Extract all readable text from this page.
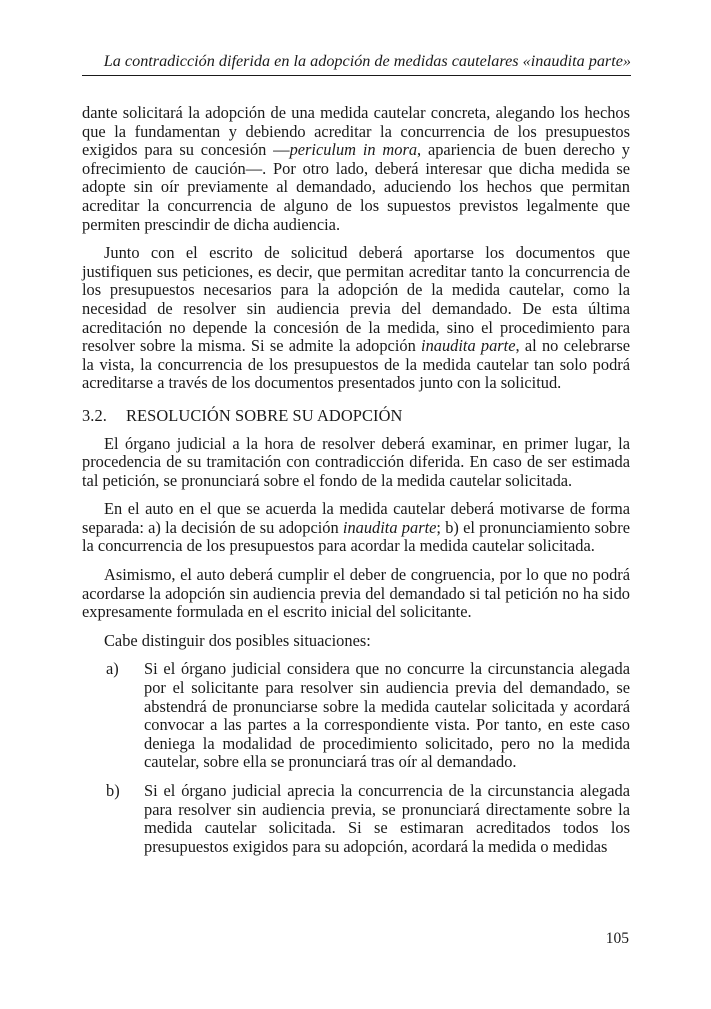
La contradicción diferida en la adopción de medidas cautelares «inaudita parte»

dante solicitará la adopción de una medida cautelar concreta, alegando los hechos que la fundamentan y debiendo acreditar la concurrencia de los presupuestos exigidos para su concesión —periculum in mora, apariencia de buen derecho y ofrecimiento de caución—. Por otro lado, deberá interesar que dicha medida se adopte sin oír previamente al demandado, aduciendo los hechos que permitan acreditar la concurrencia de alguno de los supuestos previstos legalmente que permiten prescindir de dicha audiencia.

Junto con el escrito de solicitud deberá aportarse los documentos que justifiquen sus peticiones, es decir, que permitan acreditar tanto la concurrencia de los presupuestos necesarios para la adopción de la medida cautelar, como la necesidad de resolver sin audiencia previa del demandado. De esta última acreditación no depende la concesión de la medida, sino el procedimiento para resolver sobre la misma. Si se admite la adopción inaudita parte, al no celebrarse la vista, la concurrencia de los presupuestos de la medida cautelar tan solo podrá acreditarse a través de los documentos presentados junto con la solicitud.

3.2. RESOLUCIÓN SOBRE SU ADOPCIÓN

El órgano judicial a la hora de resolver deberá examinar, en primer lugar, la procedencia de su tramitación con contradicción diferida. En caso de ser estimada tal petición, se pronunciará sobre el fondo de la medida cautelar solicitada.

En el auto en el que se acuerda la medida cautelar deberá motivarse de forma separada: a) la decisión de su adopción inaudita parte; b) el pronunciamiento sobre la concurrencia de los presupuestos para acordar la medida cautelar solicitada.

Asimismo, el auto deberá cumplir el deber de congruencia, por lo que no podrá acordarse la adopción sin audiencia previa del demandado si tal petición no ha sido expresamente formulada en el escrito inicial del solicitante.

Cabe distinguir dos posibles situaciones:

a) Si el órgano judicial considera que no concurre la circunstancia alegada por el solicitante para resolver sin audiencia previa del demandado, se abstendrá de pronunciarse sobre la medida cautelar solicitada y acordará convocar a las partes a la correspondiente vista. Por tanto, en este caso deniega la modalidad de procedimiento solicitado, pero no la medida cautelar, sobre ella se pronunciará tras oír al demandado.
b) Si el órgano judicial aprecia la concurrencia de la circunstancia alegada para resolver sin audiencia previa, se pronunciará directamente sobre la medida cautelar solicitada. Si se estimaran acreditados todos los presupuestos exigidos para su adopción, acordará la medida o medidas
105
